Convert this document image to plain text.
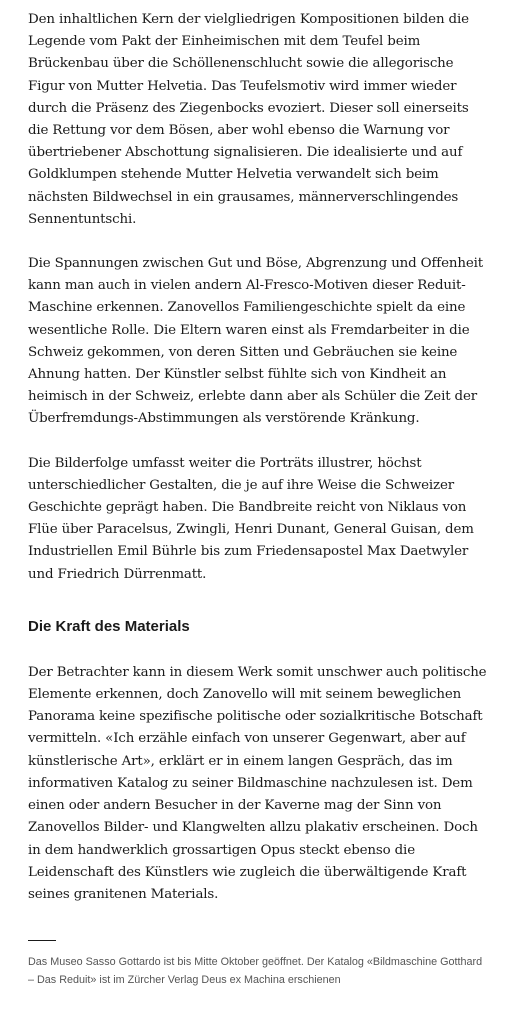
Den inhaltlichen Kern der vielgliedrigen Kompositionen bilden die Legende vom Pakt der Einheimischen mit dem Teufel beim Brückenbau über die Schöllenenschlucht sowie die allegorische Figur von Mutter Helvetia. Das Teufelsmotiv wird immer wieder durch die Präsenz des Ziegenbocks evoziert. Dieser soll einerseits die Rettung vor dem Bösen, aber wohl ebenso die Warnung vor übertriebener Abschottung signalisieren. Die idealisierte und auf Goldklumpen stehende Mutter Helvetia verwandelt sich beim nächsten Bildwechsel in ein grausames, männerverschlingendes Sennentuntschi.

Die Spannungen zwischen Gut und Böse, Abgrenzung und Offenheit kann man auch in vielen andern Al-Fresco-Motiven dieser Reduit-Maschine erkennen. Zanovellos Familiengeschichte spielt da eine wesentliche Rolle. Die Eltern waren einst als Fremdarbeiter in die Schweiz gekommen, von deren Sitten und Gebräuchen sie keine Ahnung hatten. Der Künstler selbst fühlte sich von Kindheit an heimisch in der Schweiz, erlebte dann aber als Schüler die Zeit der Überfremdungs-Abstimmungen als verstörende Kränkung.

Die Bilderfolge umfasst weiter die Porträts illustrer, höchst unterschiedlicher Gestalten, die je auf ihre Weise die Schweizer Geschichte geprägt haben. Die Bandbreite reicht von Niklaus von Flüe über Paracelsus, Zwingli, Henri Dunant, General Guisan, dem Industriellen Emil Bührle bis zum Friedensapostel Max Daetwyler und Friedrich Dürrenmatt.

Die Kraft des Materials

Der Betrachter kann in diesem Werk somit unschwer auch politische Elemente erkennen, doch Zanovello will mit seinem beweglichen Panorama keine spezifische politische oder sozialkritische Botschaft vermitteln. «Ich erzähle einfach von unserer Gegenwart, aber auf künstlerische Art», erklärt er in einem langen Gespräch, das im informativen Katalog zu seiner Bildmaschine nachzulesen ist. Dem einen oder andern Besucher in der Kaverne mag der Sinn von Zanovellos Bilder- und Klangwelten allzu plakativ erscheinen. Doch in dem handwerklich grossartigen Opus steckt ebenso die Leidenschaft des Künstlers wie zugleich die überwältigende Kraft seines granitenen Materials.

Das Museo Sasso Gottardo ist bis Mitte Oktober geöffnet. Der Katalog «Bildmaschine Gotthard – Das Reduit» ist im Zürcher Verlag Deus ex Machina erschienen
